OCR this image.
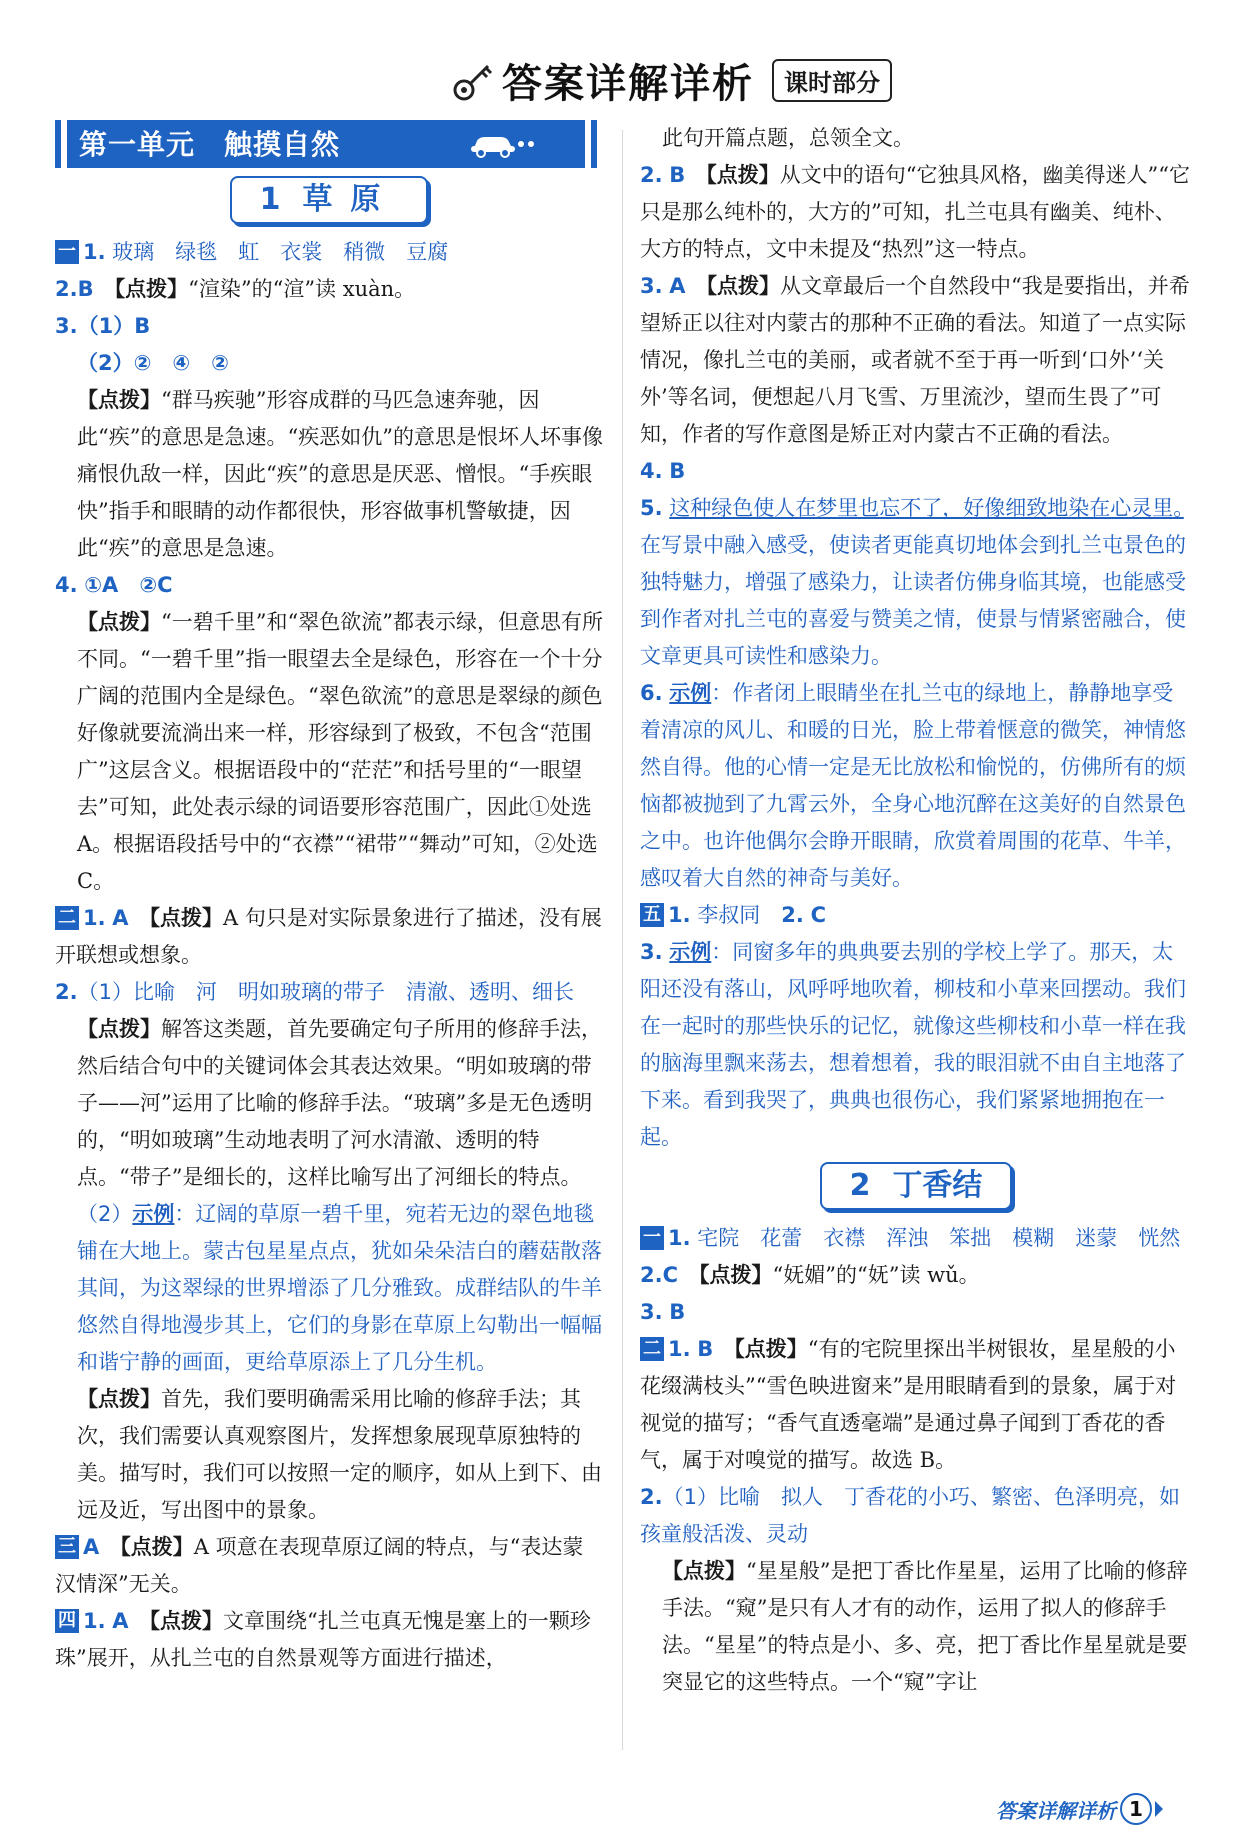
答案详解详析	课时部分
第一单元　触摸自然
1 草原

一 1. 玻璃　绿毯　虹　衣裳　稍微　豆腐

2.B　 【点拨】“渲染”的“渲”读 xuàn。

3.（1）B

（2）②　④　②

【点拨】“群马疾驰”形容成群的马匹急速奔驰，因此“疾”的意思是急速。“疾恶如仇”的意思是恨坏人坏事像痛恨仇敌一样，因此“疾”的意思是厌恶、憎恨。“手疾眼快”指手和眼睛的动作都很快，形容做事机警敏捷，因此“疾”的意思是急速。

4. ①A　②C

【点拨】“一碧千里”和“翠色欲流”都表示绿，但意思有所不同。“一碧千里”指一眼望去全是绿色，形容在一个十分广阔的范围内全是绿色。“翠色欲流”的意思是翠绿的颜色好像就要流淌出来一样，形容绿到了极致，不包含“范围广”这层含义。根据语段中的“茫茫”和括号里的“一眼望去”可知，此处表示绿的词语要形容范围广，因此①处选 A。根据语段括号中的“衣襟”“裙带”“舞动”可知，②处选 C。

二 1. A　 【点拨】A 句只是对实际景象进行了描述，没有展开联想或想象。

2.（1）比喻　河　明如玻璃的带子　清澈、透明、细长

【点拨】解答这类题，首先要确定句子所用的修辞手法，然后结合句中的关键词体会其表达效果。“明如玻璃的带子——河”运用了比喻的修辞手法。“玻璃”多是无色透明的，“明如玻璃”生动地表明了河水清澈、透明的特点。“带子”是细长的，这样比喻写出了河细长的特点。

（2）示例：辽阔的草原一碧千里，宛若无边的翠色地毯铺在大地上。蒙古包星星点点，犹如朵朵洁白的蘑菇散落其间，为这翠绿的世界增添了几分雅致。成群结队的牛羊悠然自得地漫步其上，它们的身影在草原上勾勒出一幅幅和谐宁静的画面，更给草原添上了几分生机。

【点拨】首先，我们要明确需采用比喻的修辞手法；其次，我们需要认真观察图片，发挥想象展现草原独特的美。描写时，我们可以按照一定的顺序，如从上到下、由远及近，写出图中的景象。

三 A　 【点拨】A 项意在表现草原辽阔的特点，与“表达蒙汉情深”无关。

四 1. A　 【点拨】文章围绕“扎兰屯真无愧是塞上的一颗珍珠”展开，从扎兰屯的自然景观等方面进行描述，

此句开篇点题，总领全文。

2. B　 【点拨】从文中的语句“它独具风格，幽美得迷人”“它只是那么纯朴的，大方的”可知，扎兰屯具有幽美、纯朴、大方的特点，文中未提及“热烈”这一特点。

3. A　 【点拨】从文章最后一个自然段中“我是要指出，并希望矫正以往对内蒙古的那种不正确的看法。知道了一点实际情况，像扎兰屯的美丽，或者就不至于再一听到‘口外’‘关外’等名词，便想起八月飞雪、万里流沙，望而生畏了”可知，作者的写作意图是矫正对内蒙古不正确的看法。

4. B

5. 这种绿色使人在梦里也忘不了，好像细致地染在心灵里。　在写景中融入感受，使读者更能真切地体会到扎兰屯景色的独特魅力，增强了感染力，让读者仿佛身临其境，也能感受到作者对扎兰屯的喜爱与赞美之情，使景与情紧密融合，使文章更具可读性和感染力。

6. 示例：作者闭上眼睛坐在扎兰屯的绿地上，静静地享受着清凉的风儿、和暖的日光，脸上带着惬意的微笑，神情悠然自得。他的心情一定是无比放松和愉悦的，仿佛所有的烦恼都被抛到了九霄云外，全身心地沉醉在这美好的自然景色之中。也许他偶尔会睁开眼睛，欣赏着周围的花草、牛羊，感叹着大自然的神奇与美好。

五 1. 李叔同　 2. C

3. 示例：同窗多年的典典要去别的学校上学了。那天，太阳还没有落山，风呼呼地吹着，柳枝和小草来回摆动。我们在一起时的那些快乐的记忆，就像这些柳枝和小草一样在我的脑海里飘来荡去，想着想着，我的眼泪就不由自主地落了下来。看到我哭了，典典也很伤心，我们紧紧地拥抱在一起。

2 丁香结

一 1. 宅院　花蕾　衣襟　浑浊　笨拙　模糊　迷蒙　恍然

2.C　 【点拨】“妩媚”的“妩”读 wǔ。

3. B

二 1. B　 【点拨】“有的宅院里探出半树银妆，星星般的小花缀满枝头”“雪色映进窗来”是用眼睛看到的景象，属于对视觉的描写；“香气直透毫端”是通过鼻子闻到丁香花的香气，属于对嗅觉的描写。故选 B。

2.（1）比喻　拟人　丁香花的小巧、繁密、色泽明亮，如孩童般活泼、灵动

【点拨】“星星般”是把丁香比作星星，运用了比喻的修辞手法。“窥”是只有人才有的动作，运用了拟人的修辞手法。“星星”的特点是小、多、亮，把丁香比作星星就是要突显它的这些特点。一个“窥”字让

答案详解详析 1
